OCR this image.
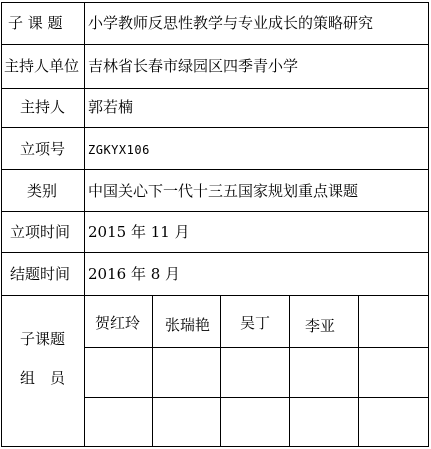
子 课 题 小学教师反思性教学与专业成长的策略研究
主持人单位 吉林省长春市绿园区四季青小学
主持人 郭若楠
立项号 ZGKYX106
类别 中国关心下一代十三五国家规划重点课题
立项时间 2015 年 11 月
结题时间 2016 年 8 月
子课题
组　员
贺红玲 张瑞艳 吴丁 李亚
